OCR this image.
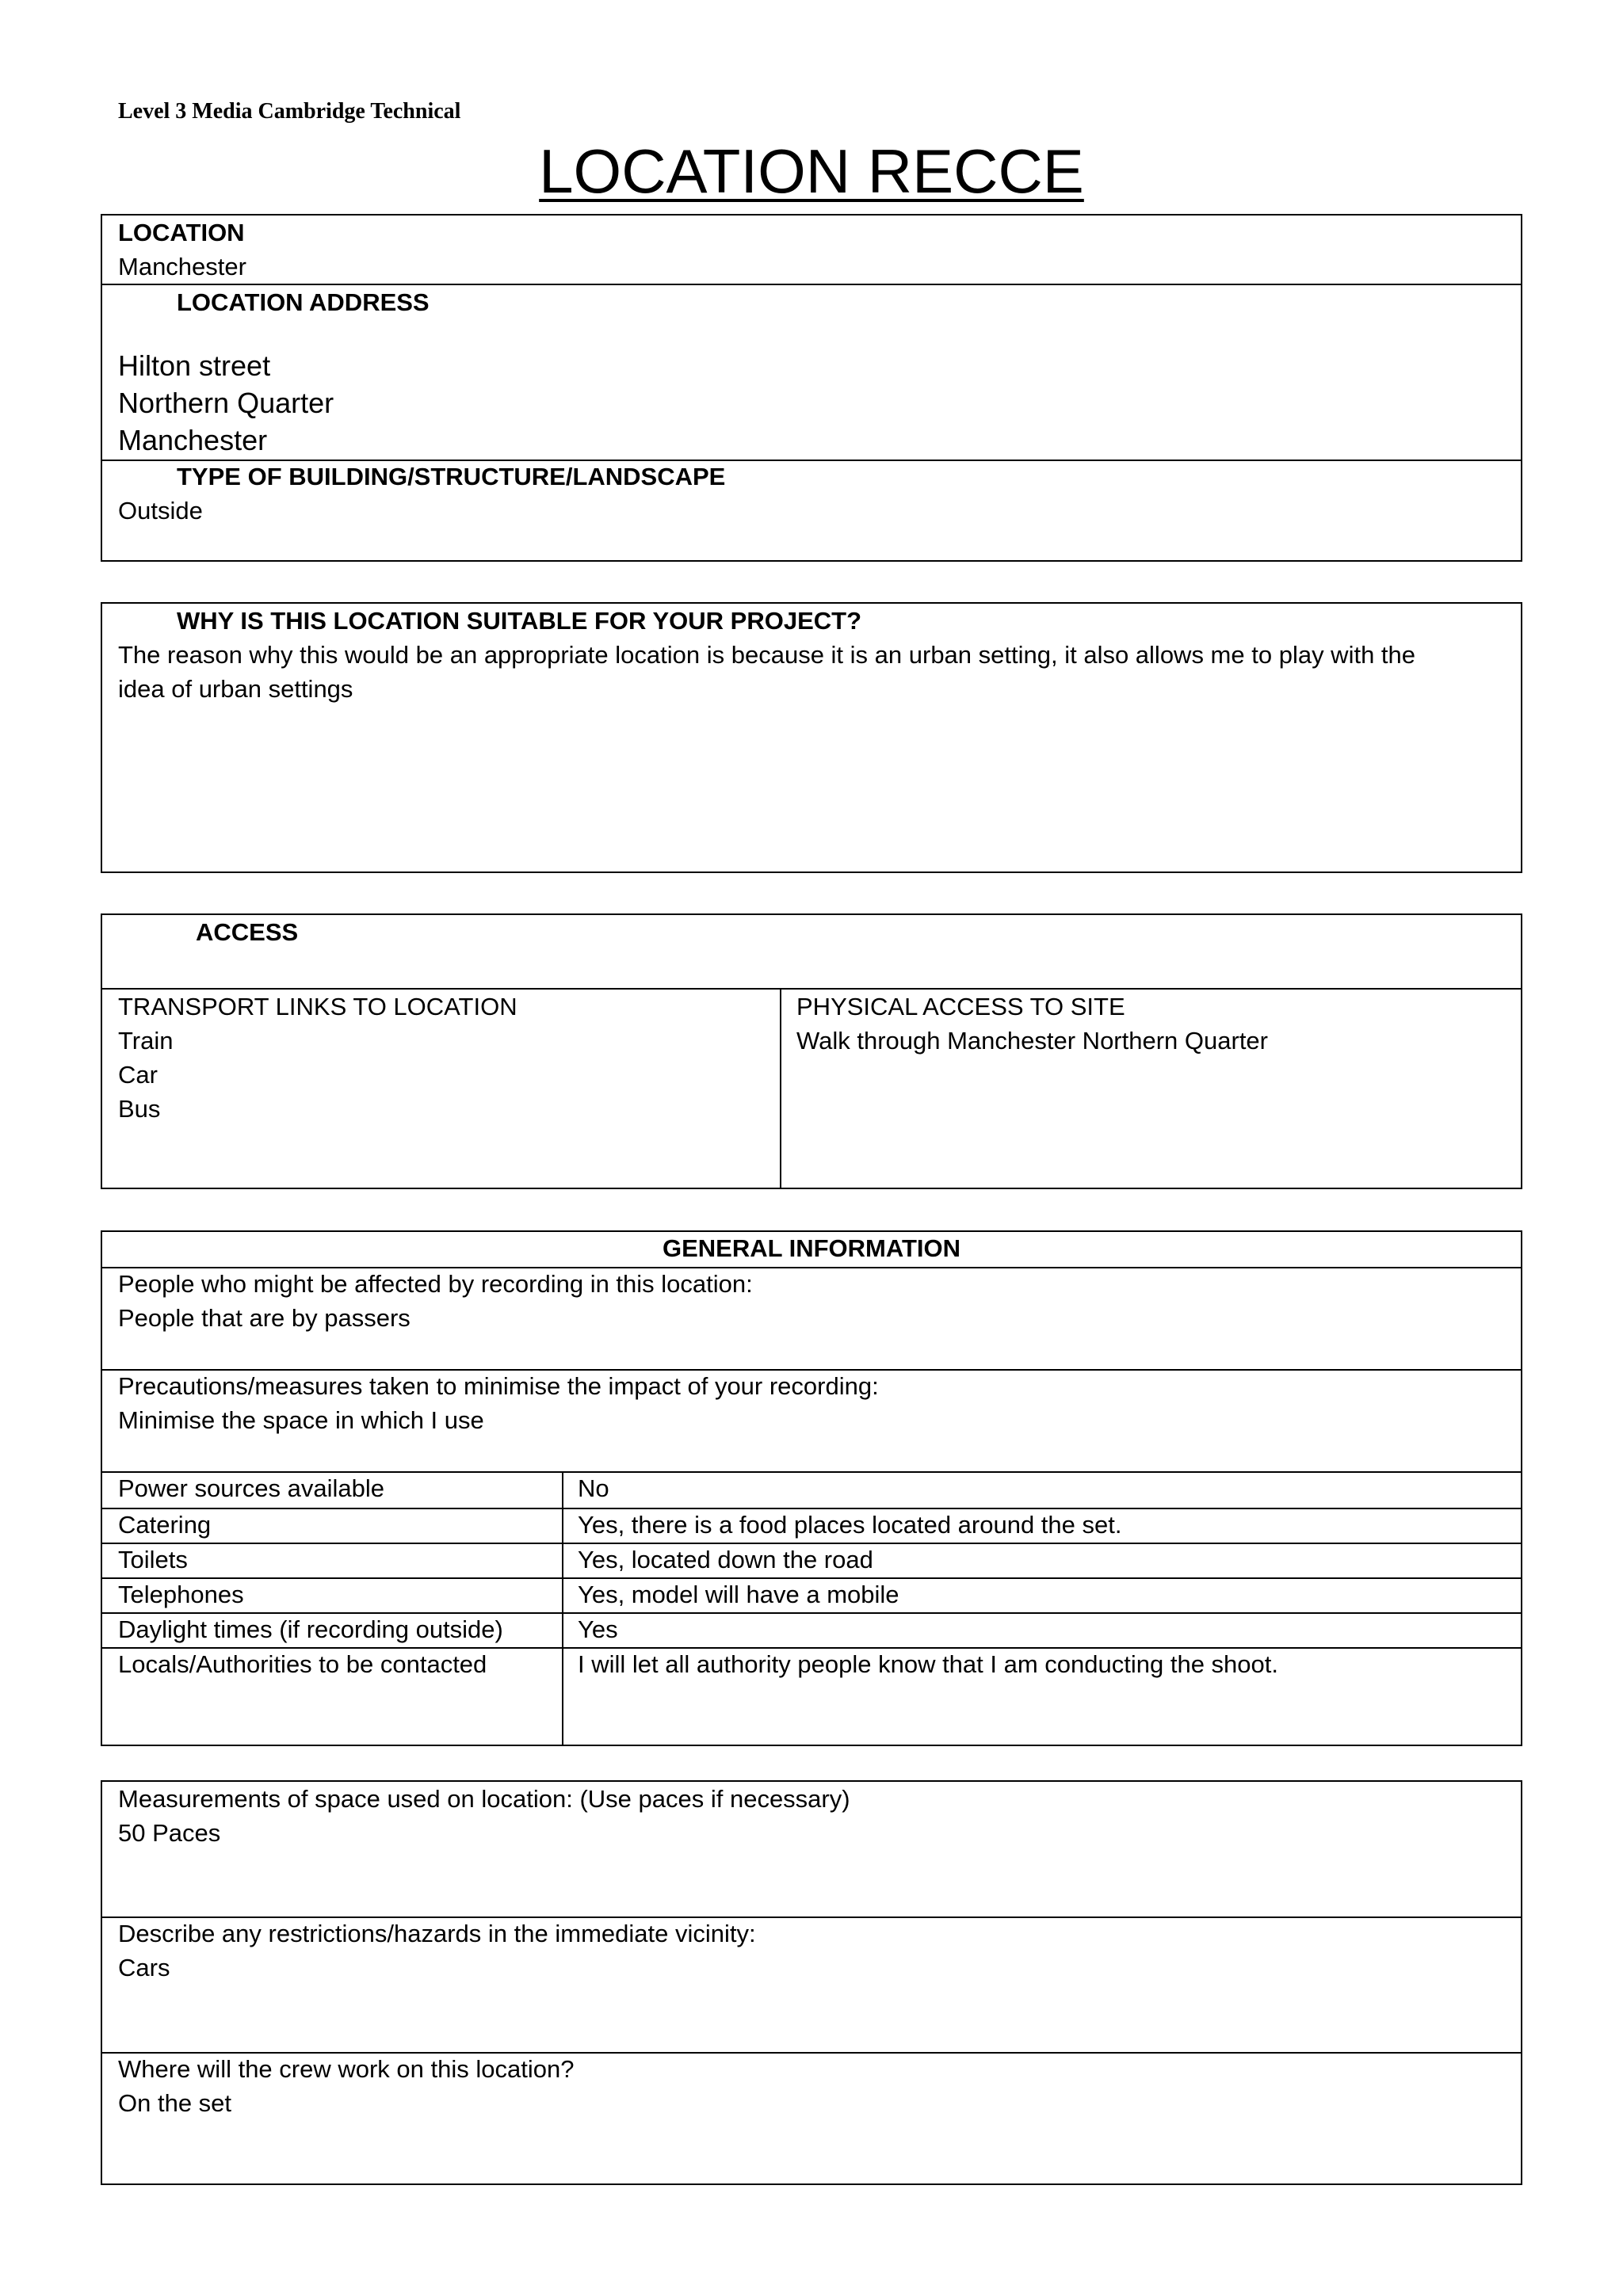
Level 3 Media Cambridge Technical
LOCATION RECCE
LOCATION
Manchester
LOCATION ADDRESS
Hilton street
Northern Quarter
Manchester
TYPE OF BUILDING/STRUCTURE/LANDSCAPE
Outside
WHY IS THIS LOCATION SUITABLE FOR YOUR PROJECT?
The reason why this would be an appropriate location is because it is an urban setting, it also allows me to play with the
idea of urban settings
ACCESS
TRANSPORT LINKS TO LOCATION
Train
Car
Bus
PHYSICAL ACCESS TO SITE
Walk through Manchester Northern Quarter
GENERAL INFORMATION
People who might be affected by recording in this location:
People that are by passers
Precautions/measures taken to minimise the impact of your recording:
Minimise the space in which I use
Power sources available	No
Catering	Yes, there is a food places located around the set.
Toilets	Yes, located down the road
Telephones	Yes, model will have a mobile
Daylight times (if recording outside)	Yes
Locals/Authorities to be contacted	I will let all authority people know that I am conducting the shoot.
Measurements of space used on location: (Use paces if necessary)
50 Paces
Describe any restrictions/hazards in the immediate vicinity:
Cars
Where will the crew work on this location?
On the set
